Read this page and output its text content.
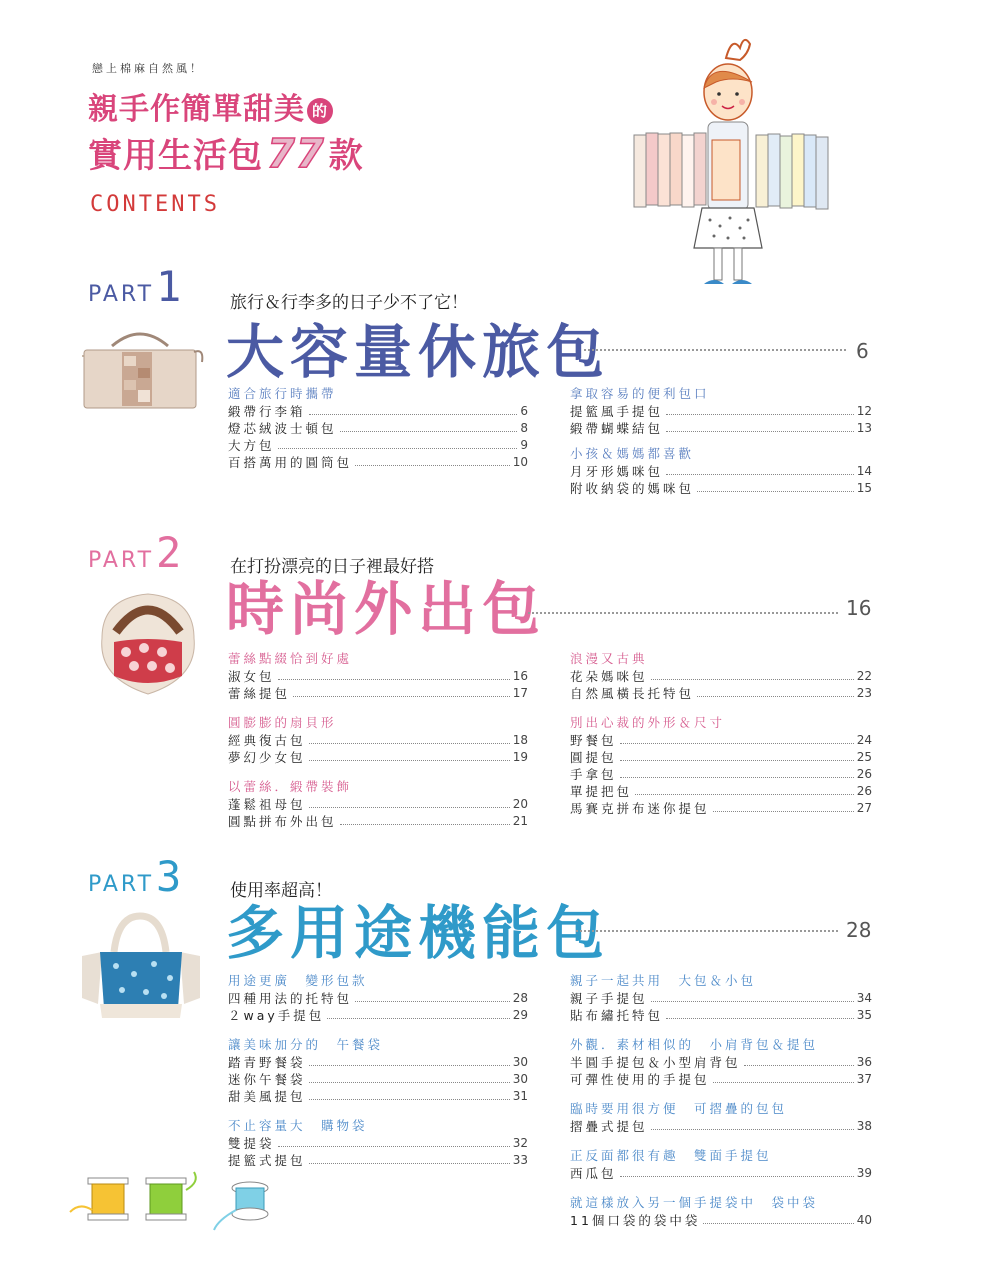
戀上棉麻自然風！
親手作簡單甜美 的
實用生活包 77 款
CONTENTS
PART1	旅行＆行李多的日子少不了它！
大容量休旅包	6
適合旅行時攜帶
緞帶行李箱	6
燈芯絨波士頓包	8
大方包	9
百搭萬用的圓筒包	10
拿取容易的便利包口
提籃風手提包	12
緞帶蝴蝶結包	13
小孩＆媽媽都喜歡
月牙形媽咪包	14
附收納袋的媽咪包	15
PART2	在打扮漂亮的日子裡最好搭
時尚外出包	16
蕾絲點綴恰到好處
淑女包	16
蕾絲提包	17
圓膨膨的扇貝形
經典復古包	18
夢幻少女包	19
以蕾絲．緞帶裝飾
蓬鬆祖母包	20
圓點拼布外出包	21
浪漫又古典
花朵媽咪包	22
自然風橫長托特包	23
別出心裁的外形＆尺寸
野餐包	24
圓提包	25
手拿包	26
單提把包	26
馬賽克拼布迷你提包	27
PART3	使用率超高！
多用途機能包	28
用途更廣　變形包款
四種用法的托特包	28
２way手提包	29
讓美味加分的　午餐袋
踏青野餐袋	30
迷你午餐袋	30
甜美風提包	31
不止容量大　購物袋
雙提袋	32
提籃式提包	33
親子一起共用　大包＆小包
親子手提包	34
貼布繡托特包	35
外觀．素材相似的　小肩背包＆提包
半圓手提包＆小型肩背包	36
可彈性使用的手提包	37
臨時要用很方便　可摺疊的包包
摺疊式提包	38
正反面都很有趣　雙面手提包
西瓜包	39
就這樣放入另一個手提袋中　袋中袋
11個口袋的袋中袋	40
